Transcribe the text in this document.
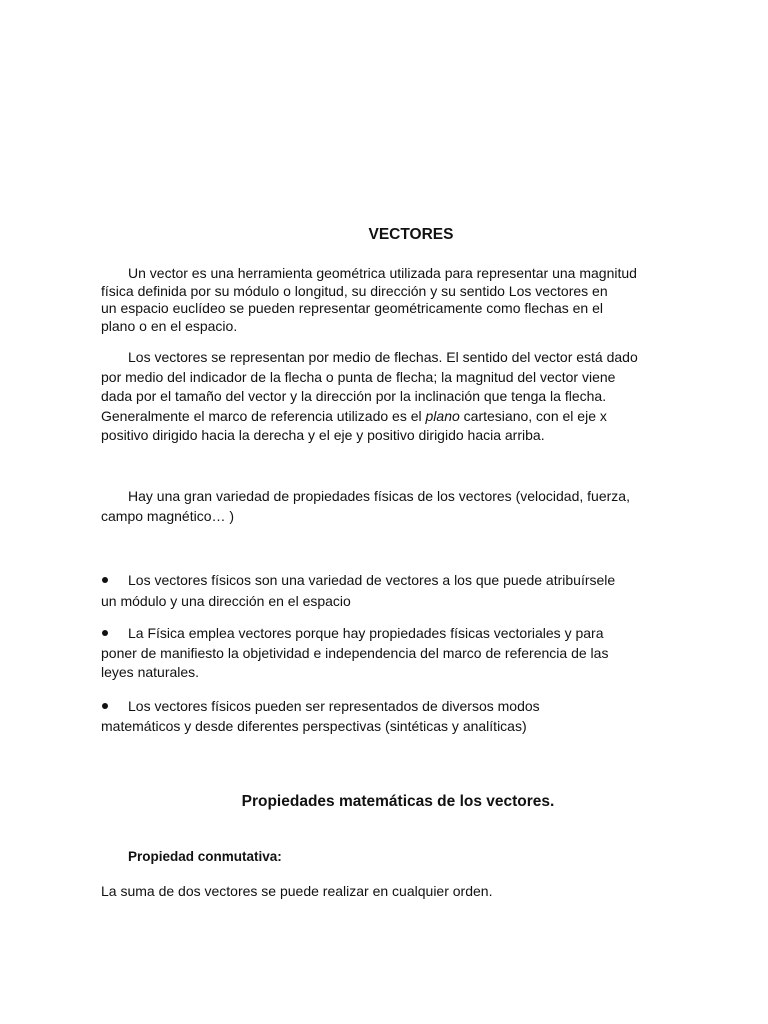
VECTORES

Un vector es una herramienta geométrica utilizada para representar una magnitud
física definida por su módulo o longitud, su dirección y su sentido Los vectores en
un espacio euclídeo se pueden representar geométricamente como flechas en el
plano o en el espacio.

Los vectores se representan por medio de flechas. El sentido del vector está dado
por medio del indicador de la flecha o punta de flecha; la magnitud del vector viene
dada por el tamaño del vector y la dirección por la inclinación que tenga la flecha.
Generalmente el marco de referencia utilizado es el plano cartesiano, con el eje x
positivo dirigido hacia la derecha y el eje y positivo dirigido hacia arriba.

Hay una gran variedad de propiedades físicas de los vectores (velocidad, fuerza,
campo magnético… )

Los vectores físicos son una variedad de vectores a los que puede atribuírsele
un módulo y una dirección en el espacio

La Física emplea vectores porque hay propiedades físicas vectoriales y para
poner de manifiesto la objetividad e independencia del marco de referencia de las
leyes naturales.

Los vectores físicos pueden ser representados de diversos modos
matemáticos y desde diferentes perspectivas (sintéticas y analíticas)

Propiedades matemáticas de los vectores.
Propiedad conmutativa:

La suma de dos vectores se puede realizar en cualquier orden.
